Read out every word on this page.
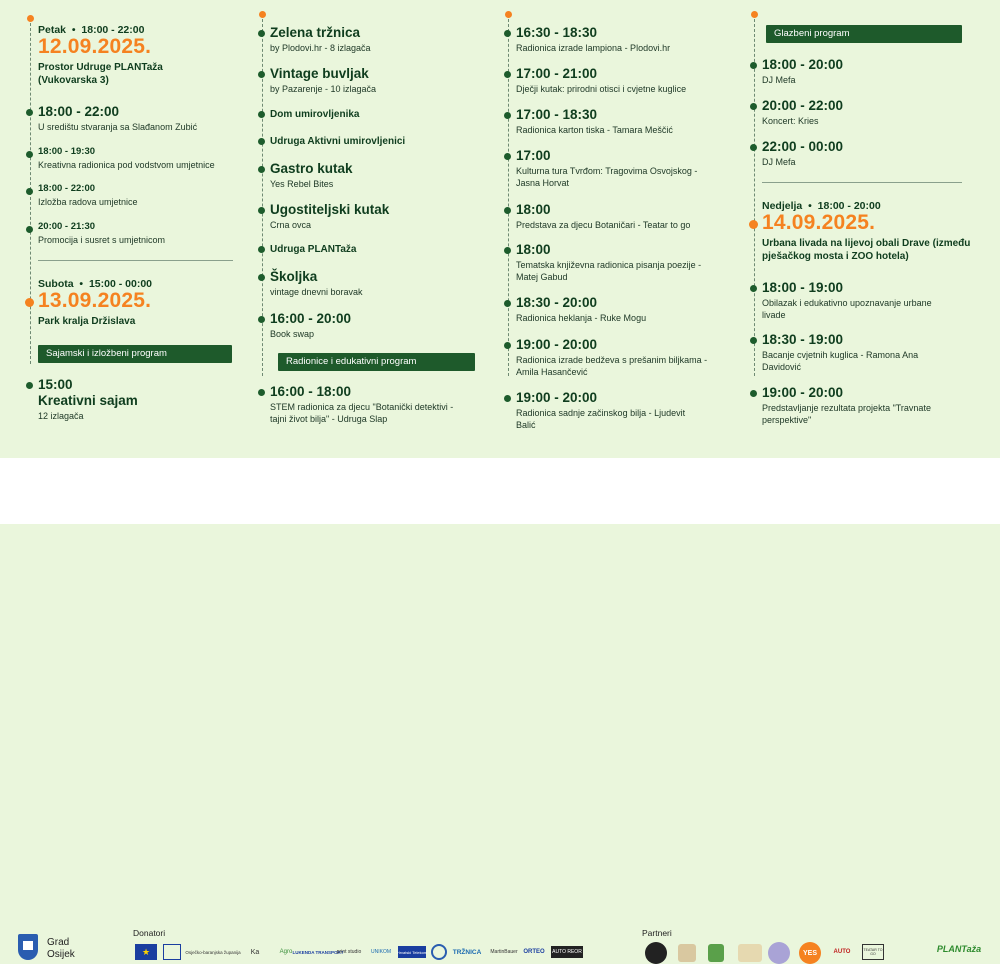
Petak  •  18:00 - 22:00
12.09.2025.
Prostor Udruge PLANTaža (Vukovarska 3)
18:00 - 22:00
U središtu stvaranja sa Slađanom Zubić
18:00 - 19:30
Kreativna radionica pod vodstvom umjetnice
18:00 - 22:00
Izložba radova umjetnice
20:00 - 21:30
Promocija i susret s umjetnicom
Subota  •  15:00 - 00:00
13.09.2025.
Park kralja Držislava
Sajamski i izložbeni program
15:00
Kreativni sajam
12 izlagača
Zelena tržnica
by Plodovi.hr - 8 izlagača
Vintage buvljak
by Pazarenje - 10 izlagača
Dom umirovljenika
Udruga Aktivni umirovljenici
Gastro kutak
Yes Rebel Bites
Ugostiteljski kutak
Crna ovca
Udruga PLANTaža
Školjka
vintage dnevni boravak
16:00 - 20:00
Book swap
Radionice i edukativni program
16:00 - 18:00
STEM radionica za djecu "Botanički detektivi - tajni život bilja" - Udruga Slap
16:30 - 18:30
Radionica izrade lampiona - Plodovi.hr
17:00 - 21:00
Dječji kutak: prirodni otisci i cvjetne kuglice
17:00 - 18:30
Radionica karton tiska - Tamara Meščić
17:00
Kulturna tura Tvrđom: Tragovima Osvojskog - Jasna Horvat
18:00
Predstava za djecu Botaničari - Teatar to go
18:00
Tematska književna radionica pisanja poezije - Matej Gabud
18:30 - 20:00
Radionica heklanja - Ruke Mogu
19:00 - 20:00
Radionica izrade bedževa s prešanim biljkama - Amila Hasančević
19:00 - 20:00
Radionica sadnje začinskog bilja - Ljudevit Balić
Glazbeni program
18:00 - 20:00
DJ Mefa
20:00 - 22:00
Koncert: Kries
22:00 - 00:00
DJ Mefa
Nedjelja  •  18:00 - 20:00
14.09.2025.
Urbana livada na lijevoj obali Drave (između pješačkog mosta i ZOO hotela)
18:00 - 19:00
Obilazak i edukativno upoznavanje urbane livade
18:30 - 19:00
Bacanje cvjetnih kuglica - Ramona Ana Davidović
19:00 - 20:00
Predstavljanje rezultata projekta "Travnate perspektive"
Grad Osijek
Donatori	Partneri
★	Osječko-baranjska županija	Ka	Agro LUKENDA TRANSPORT
print studio	UNIKOM	Hrvatski Telekom	TRŽNICA	MartinBauer ORTEO AUTO REOR	YES	AUTO	TEATAR TO GO	PLANTaža
